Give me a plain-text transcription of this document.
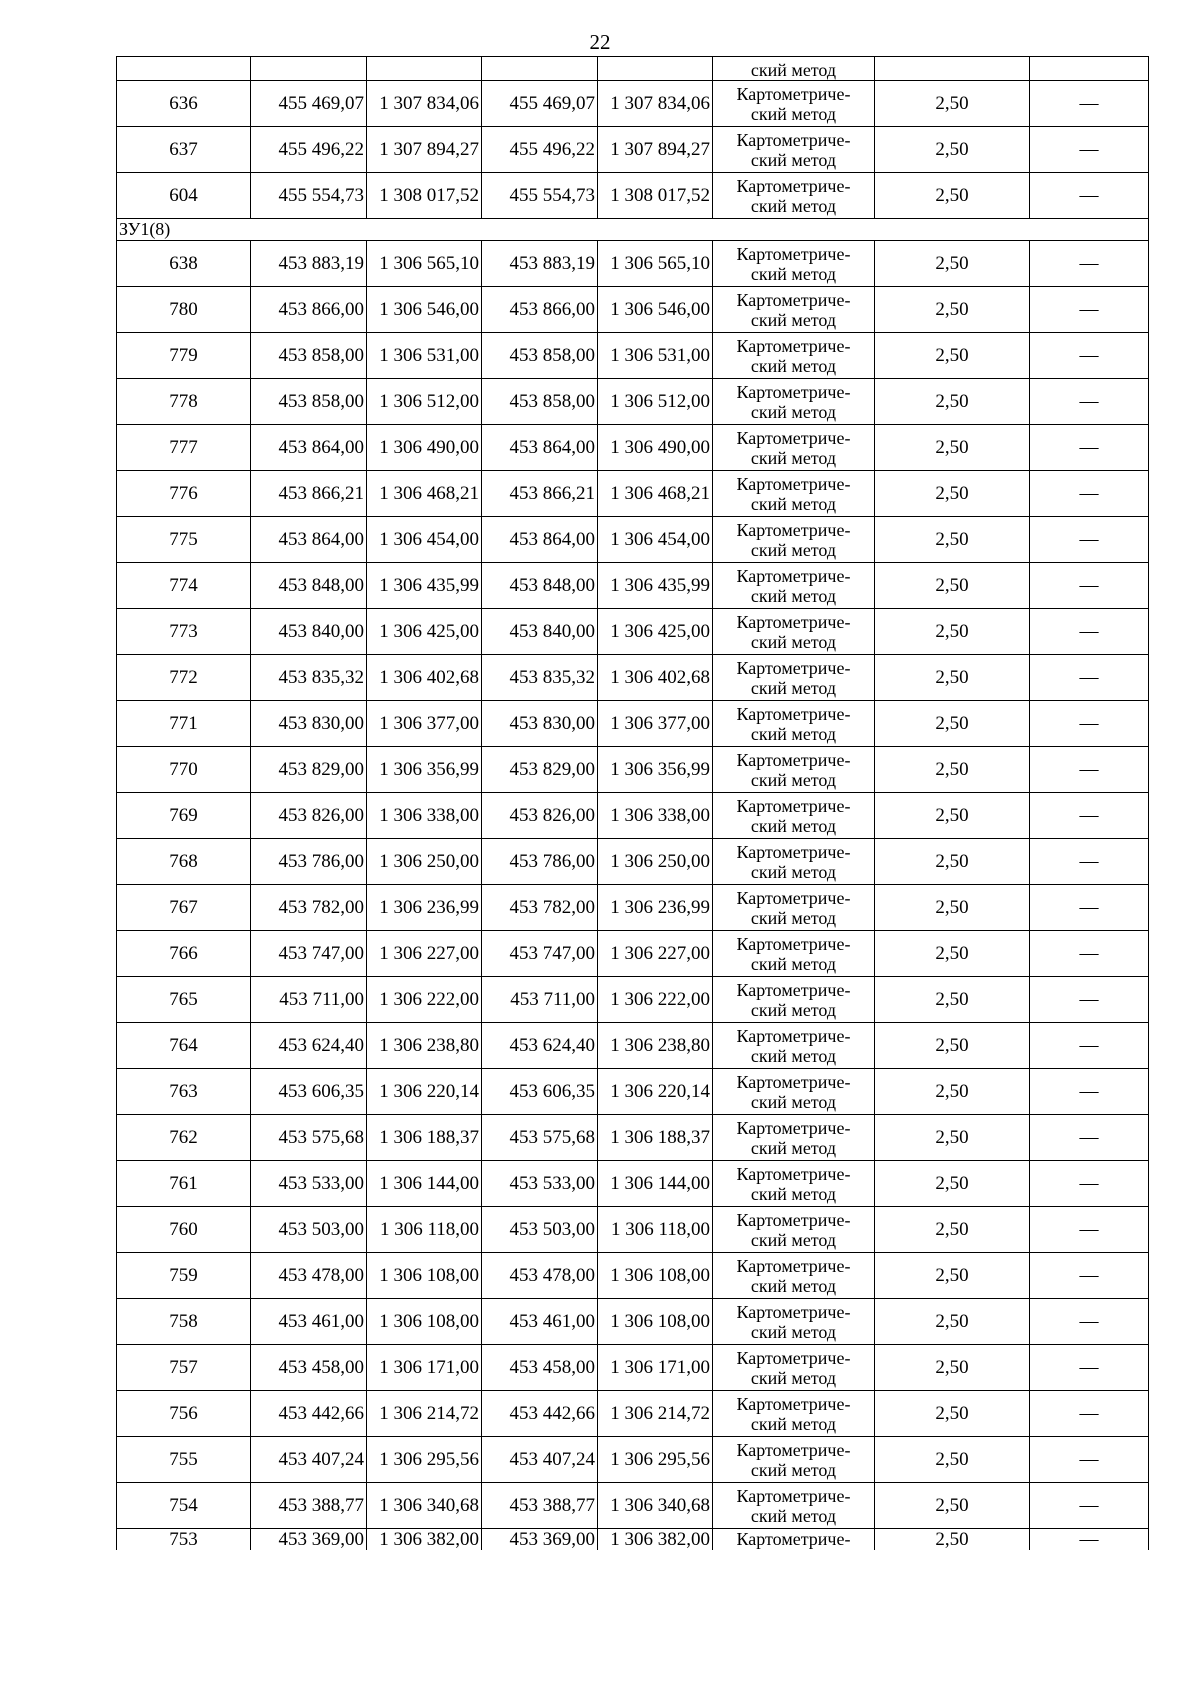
22
					ский метод		
636	455 469,07	1 307 834,06	455 469,07	1 307 834,06	Картометриче-
ский метод	2,50	—
637	455 496,22	1 307 894,27	455 496,22	1 307 894,27	Картометриче-
ский метод	2,50	—
604	455 554,73	1 308 017,52	455 554,73	1 308 017,52	Картометриче-
ский метод	2,50	—
ЗУ1(8)							
638	453 883,19	1 306 565,10	453 883,19	1 306 565,10	Картометриче-
ский метод	2,50	—
780	453 866,00	1 306 546,00	453 866,00	1 306 546,00	Картометриче-
ский метод	2,50	—
779	453 858,00	1 306 531,00	453 858,00	1 306 531,00	Картометриче-
ский метод	2,50	—
778	453 858,00	1 306 512,00	453 858,00	1 306 512,00	Картометриче-
ский метод	2,50	—
777	453 864,00	1 306 490,00	453 864,00	1 306 490,00	Картометриче-
ский метод	2,50	—
776	453 866,21	1 306 468,21	453 866,21	1 306 468,21	Картометриче-
ский метод	2,50	—
775	453 864,00	1 306 454,00	453 864,00	1 306 454,00	Картометриче-
ский метод	2,50	—
774	453 848,00	1 306 435,99	453 848,00	1 306 435,99	Картометриче-
ский метод	2,50	—
773	453 840,00	1 306 425,00	453 840,00	1 306 425,00	Картометриче-
ский метод	2,50	—
772	453 835,32	1 306 402,68	453 835,32	1 306 402,68	Картометриче-
ский метод	2,50	—
771	453 830,00	1 306 377,00	453 830,00	1 306 377,00	Картометриче-
ский метод	2,50	—
770	453 829,00	1 306 356,99	453 829,00	1 306 356,99	Картометриче-
ский метод	2,50	—
769	453 826,00	1 306 338,00	453 826,00	1 306 338,00	Картометриче-
ский метод	2,50	—
768	453 786,00	1 306 250,00	453 786,00	1 306 250,00	Картометриче-
ский метод	2,50	—
767	453 782,00	1 306 236,99	453 782,00	1 306 236,99	Картометриче-
ский метод	2,50	—
766	453 747,00	1 306 227,00	453 747,00	1 306 227,00	Картометриче-
ский метод	2,50	—
765	453 711,00	1 306 222,00	453 711,00	1 306 222,00	Картометриче-
ский метод	2,50	—
764	453 624,40	1 306 238,80	453 624,40	1 306 238,80	Картометриче-
ский метод	2,50	—
763	453 606,35	1 306 220,14	453 606,35	1 306 220,14	Картометриче-
ский метод	2,50	—
762	453 575,68	1 306 188,37	453 575,68	1 306 188,37	Картометриче-
ский метод	2,50	—
761	453 533,00	1 306 144,00	453 533,00	1 306 144,00	Картометриче-
ский метод	2,50	—
760	453 503,00	1 306 118,00	453 503,00	1 306 118,00	Картометриче-
ский метод	2,50	—
759	453 478,00	1 306 108,00	453 478,00	1 306 108,00	Картометриче-
ский метод	2,50	—
758	453 461,00	1 306 108,00	453 461,00	1 306 108,00	Картометриче-
ский метод	2,50	—
757	453 458,00	1 306 171,00	453 458,00	1 306 171,00	Картометриче-
ский метод	2,50	—
756	453 442,66	1 306 214,72	453 442,66	1 306 214,72	Картометриче-
ский метод	2,50	—
755	453 407,24	1 306 295,56	453 407,24	1 306 295,56	Картометриче-
ский метод	2,50	—
754	453 388,77	1 306 340,68	453 388,77	1 306 340,68	Картометриче-
ский метод	2,50	—
753	453 369,00	1 306 382,00	453 369,00	1 306 382,00	Картометриче-	2,50	—
